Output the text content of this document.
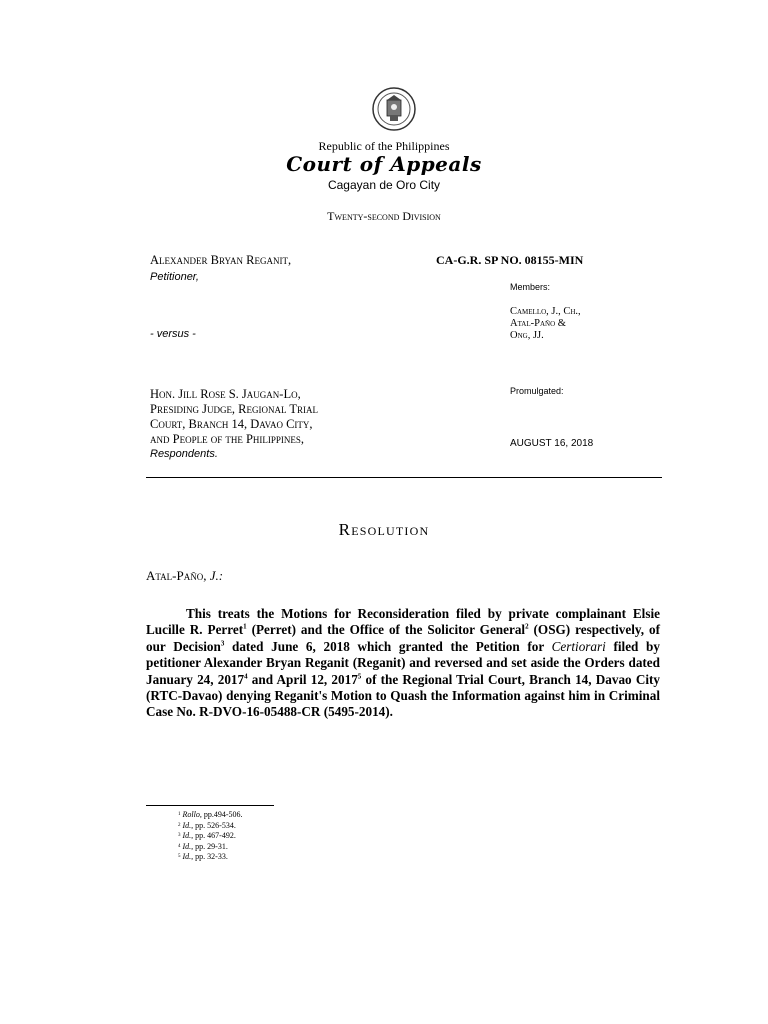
Republic of the Philippines
Court of Appeals
Cagayan de Oro City
Twenty-second Division
Alexander Bryan Reganit,
Petitioner,
- versus -
Hon. Jill Rose S. Jaugan-Lo,
Presiding Judge, Regional Trial
Court, Branch 14, Davao City,
and People of the Philippines,
Respondents.
CA-G.R. SP NO. 08155-MIN
Members:
Camello, J., Ch.,
Atal-Paño &
Ong, JJ.
Promulgated:
AUGUST 16, 2018
Resolution
Atal-Paño, J.:
This treats the Motions for Reconsideration filed by private complainant Elsie Lucille R. Perret$^1$ (Perret) and the Office of the Solicitor General$^2$ (OSG) respectively, of our Decision$^3$ dated June 6, 2018 which granted the Petition for Certiorari filed by petitioner Alexander Bryan Reganit (Reganit) and reversed and set aside the Orders dated January 24, 2017$^4$ and April 12, 2017$^5$ of the Regional Trial Court, Branch 14, Davao City (RTC-Davao) denying Reganit's Motion to Quash the Information against him in Criminal Case No. R-DVO-16-05488-CR (5495-2014).
$^1$ Rollo, pp.494-506.
$^2$ Id., pp. 526-534.
$^3$ Id., pp. 467-492.
$^4$ Id., pp. 29-31.
$^5$ Id., pp. 32-33.
